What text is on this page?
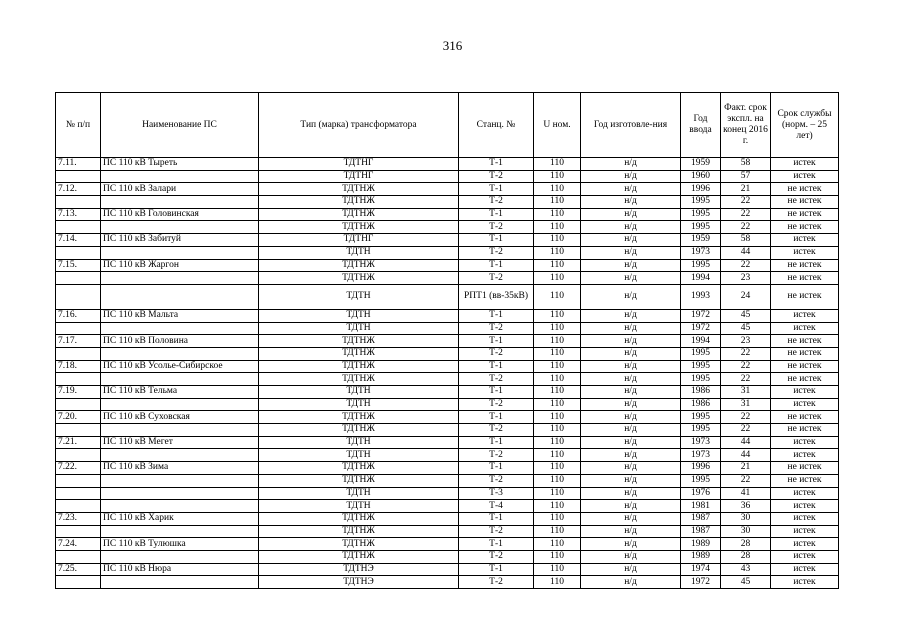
316
№ п/п	Наименование ПС	Тип (марка) трансформатора	Станц. №	U ном.	Год изготовле-ния	Год ввода	Факт. срок экспл. на конец 2016 г.	Срок службы (норм. – 25 лет)
7.11.	ПС 110 кВ Тыреть	ТДТНГ	Т-1	110	н/д	1959	58	истек
		ТДТНГ	Т-2	110	н/д	1960	57	истек
7.12.	ПС 110 кВ Залари	ТДТНЖ	Т-1	110	н/д	1996	21	не истек
		ТДТНЖ	Т-2	110	н/д	1995	22	не истек
7.13.	ПС 110 кВ Головинская	ТДТНЖ	Т-1	110	н/д	1995	22	не истек
		ТДТНЖ	Т-2	110	н/д	1995	22	не истек
7.14.	ПС 110 кВ Забитуй	ТДТНГ	Т-1	110	н/д	1959	58	истек
		ТДТН	Т-2	110	н/д	1973	44	истек
7.15.	ПС 110 кВ Жаргон	ТДТНЖ	Т-1	110	н/д	1995	22	не истек
		ТДТНЖ	Т-2	110	н/д	1994	23	не истек
		ТДТН	РПТ1 (вв-35кВ)	110	н/д	1993	24	не истек
7.16.	ПС 110 кВ Мальта	ТДТН	Т-1	110	н/д	1972	45	истек
		ТДТН	Т-2	110	н/д	1972	45	истек
7.17.	ПС 110 кВ Половина	ТДТНЖ	Т-1	110	н/д	1994	23	не истек
		ТДТНЖ	Т-2	110	н/д	1995	22	не истек
7.18.	ПС 110 кВ Усолье-Сибирское	ТДТНЖ	Т-1	110	н/д	1995	22	не истек
		ТДТНЖ	Т-2	110	н/д	1995	22	не истек
7.19.	ПС 110 кВ Тельма	ТДТН	Т-1	110	н/д	1986	31	истек
		ТДТН	Т-2	110	н/д	1986	31	истек
7.20.	ПС 110 кВ Суховская	ТДТНЖ	Т-1	110	н/д	1995	22	не истек
		ТДТНЖ	Т-2	110	н/д	1995	22	не истек
7.21.	ПС 110 кВ Мегет	ТДТН	Т-1	110	н/д	1973	44	истек
		ТДТН	Т-2	110	н/д	1973	44	истек
7.22.	ПС 110 кВ Зима	ТДТНЖ	Т-1	110	н/д	1996	21	не истек
		ТДТНЖ	Т-2	110	н/д	1995	22	не истек
		ТДТН	Т-3	110	н/д	1976	41	истек
		ТДТН	Т-4	110	н/д	1981	36	истек
7.23.	ПС 110 кВ Харик	ТДТНЖ	Т-1	110	н/д	1987	30	истек
		ТДТНЖ	Т-2	110	н/д	1987	30	истек
7.24.	ПС 110 кВ Тулюшка	ТДТНЖ	Т-1	110	н/д	1989	28	истек
		ТДТНЖ	Т-2	110	н/д	1989	28	истек
7.25.	ПС 110 кВ Нюра	ТДТНЭ	Т-1	110	н/д	1974	43	истек
		ТДТНЭ	Т-2	110	н/д	1972	45	истек
